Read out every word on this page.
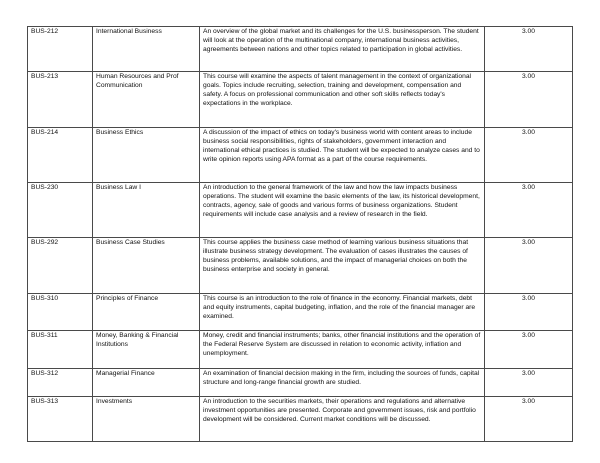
BUS-212	International Business	An overview of the global market and its challenges for the U.S. businessperson. The student will look at the operation of the multinational company, international business activities, agreements between nations and other topics related to participation in global activities.	3.00
BUS-213	Human Resources and Prof Communication	This course will examine the aspects of talent management in the context of organizational goals. Topics include recruiting, selection, training and development, compensation and safety. A focus on professional communication and other soft skills reflects today's expectations in the workplace.	3.00
BUS-214	Business Ethics	A discussion of the impact of ethics on today's business world with content areas to include business social responsibilities, rights of stakeholders, government interaction and international ethical practices is studied. The student will be expected to analyze cases and to write opinion reports using APA format as a part of the course requirements.	3.00
BUS-230	Business Law I	An introduction to the general framework of the law and how the law impacts business operations. The student will examine the basic elements of the law, its historical development, contracts, agency, sale of goods and various forms of business organizations. Student requirements will include case analysis and a review of research in the field.	3.00
BUS-292	Business Case Studies	This course applies the business case method of learning various business situations that illustrate business strategy development. The evaluation of cases illustrates the causes of business problems, available solutions, and the impact of managerial choices on both the business enterprise and society in general.	3.00
BUS-310	Principles of Finance	This course is an introduction to the role of finance in the economy. Financial markets, debt and equity instruments, capital budgeting, inflation, and the role of the financial manager are examined.	3.00
BUS-311	Money, Banking & Financial Institutions	Money, credit and financial instruments; banks, other financial institutions and the operation of the Federal Reserve System are discussed in relation to economic activity, inflation and unemployment.	3.00
BUS-312	Managerial Finance	An examination of financial decision making in the firm, including the sources of funds, capital structure and long-range financial growth are studied.	3.00
BUS-313	Investments	An introduction to the securities markets, their operations and regulations and alternative investment opportunities are presented. Corporate and government issues, risk and portfolio development will be considered. Current market conditions will be discussed.	3.00
